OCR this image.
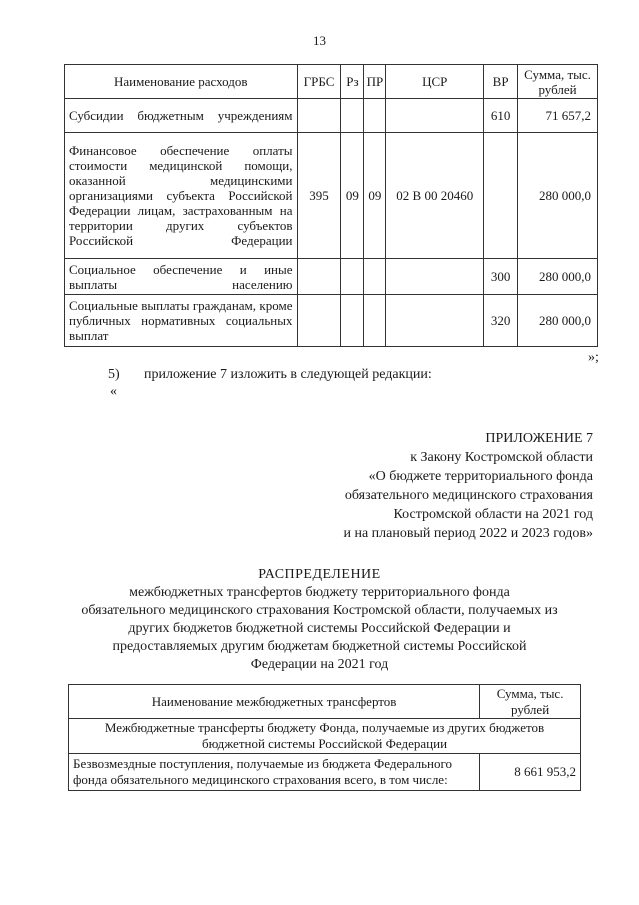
13
Наименование расходов	ГРБС	Рз	ПР	ЦСР	ВР	Сумма, тыс. рублей
Субсидии бюджетным учреждениям					610	71 657,2
Финансовое обеспечение оплаты стоимости медицинской помощи, оказанной медицинскими организациями субъекта Российской Федерации лицам, застрахованным на территории других субъектов Российской Федерации	395	09	09	02 В 00 20460		280 000,0
Социальное обеспечение и иные выплаты населению					300	280 000,0
Социальные выплаты гражданам, кроме публичных нормативных социальных выплат					320	280 000,0
»;
5) приложение 7 изложить в следующей редакции:
«
ПРИЛОЖЕНИЕ 7
к Закону Костромской области
«О бюджете территориального фонда
обязательного медицинского страхования
Костромской области на 2021 год
и на плановый период 2022 и 2023 годов»
РАСПРЕДЕЛЕНИЕ
межбюджетных трансфертов бюджету территориального фонда
обязательного медицинского страхования Костромской области, получаемых из
других бюджетов бюджетной системы Российской Федерации и
предоставляемых другим бюджетам бюджетной системы Российской
Федерации на 2021 год
Наименование межбюджетных трансфертов	Сумма, тыс. рублей
Межбюджетные трансферты бюджету Фонда, получаемые из других бюджетов бюджетной системы Российской Федерации	
Безвозмездные поступления, получаемые из бюджета Федерального фонда обязательного медицинского страхования всего, в том числе:	8 661 953,2
